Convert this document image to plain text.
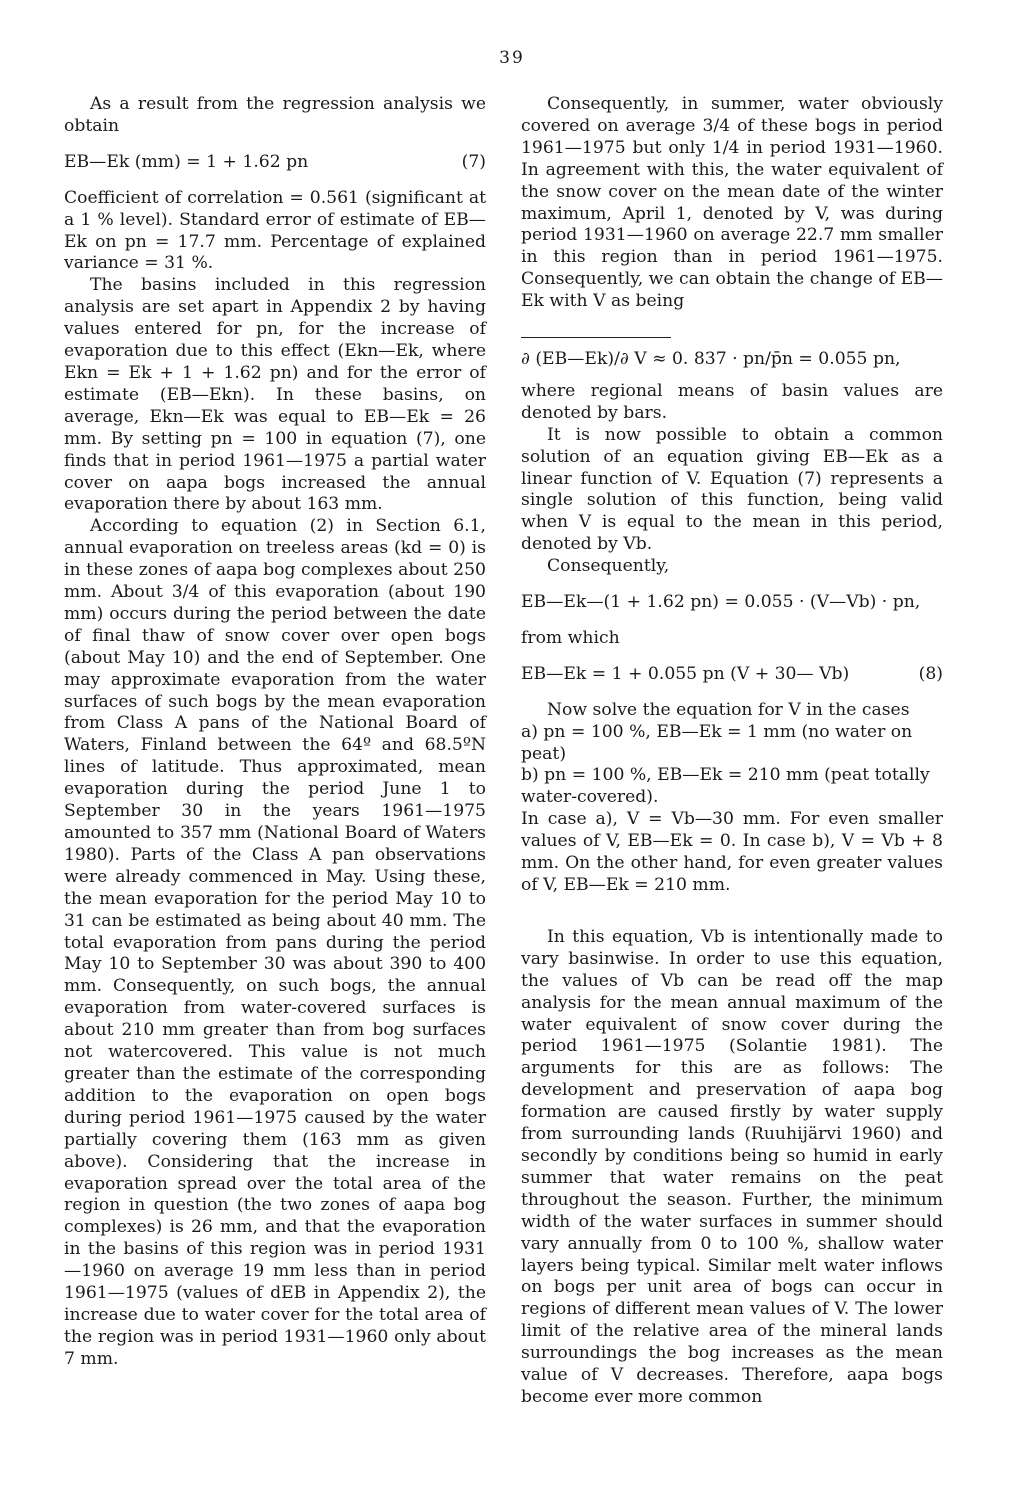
39

As a result from the regression analysis we obtain

EB—Ek (mm) = 1 + 1.62 pn	(7)

Coefficient of correlation = 0.561 (significant at a 1 % level). Standard error of estimate of EB—Ek on pn = 17.7 mm. Percentage of explained variance = 31 %.

The basins included in this regression analysis are set apart in Appendix 2 by having values entered for pn, for the increase of evaporation due to this effect (Ekn—Ek, where Ekn = Ek + 1 + 1.62 pn) and for the error of estimate (EB—Ekn). In these basins, on average, Ekn—Ek was equal to EB—Ek = 26 mm. By setting pn = 100 in equation (7), one finds that in period 1961—1975 a partial water cover on aapa bogs increased the annual evaporation there by about 163 mm.

According to equation (2) in Section 6.1, annual evaporation on treeless areas (kd = 0) is in these zones of aapa bog complexes about 250 mm. About 3/4 of this evaporation (about 190 mm) occurs during the period between the date of final thaw of snow cover over open bogs (about May 10) and the end of September. One may approximate evaporation from the water surfaces of such bogs by the mean evaporation from Class A pans of the National Board of Waters, Finland between the 64º and 68.5ºN lines of latitude. Thus approximated, mean evaporation during the period June 1 to September 30 in the years 1961—1975 amounted to 357 mm (National Board of Waters 1980). Parts of the Class A pan observations were already commenced in May. Using these, the mean evaporation for the period May 10 to 31 can be estimated as being about 40 mm. The total evaporation from pans during the period May 10 to September 30 was about 390 to 400 mm. Consequently, on such bogs, the annual evaporation from water-covered surfaces is about 210 mm greater than from bog surfaces not watercovered. This value is not much greater than the estimate of the corresponding addition to the evaporation on open bogs during period 1961—1975 caused by the water partially covering them (163 mm as given above). Considering that the increase in evaporation spread over the total area of the region in question (the two zones of aapa bog complexes) is 26 mm, and that the evaporation in the basins of this region was in period 1931—1960 on average 19 mm less than in period 1961—1975 (values of dEB in Appendix 2), the increase due to water cover for the total area of the region was in period 1931—1960 only about 7 mm.

Consequently, in summer, water obviously covered on average 3/4 of these bogs in period 1961—1975 but only 1/4 in period 1931—1960. In agreement with this, the water equivalent of the snow cover on the mean date of the winter maximum, April 1, denoted by V, was during period 1931—1960 on average 22.7 mm smaller in this region than in period 1961—1975. Consequently, we can obtain the change of EB—Ek with V as being

∂ (EB—Ek)/∂ V ≈ 0. 837 · pn/p̄n = 0.055 pn,

where regional means of basin values are denoted by bars.

It is now possible to obtain a common solution of an equation giving EB—Ek as a linear function of V. Equation (7) represents a single solution of this function, being valid when V is equal to the mean in this period, denoted by Vb.

Consequently,

EB—Ek—(1 + 1.62 pn) = 0.055 · (V—Vb) · pn,

from which

EB—Ek = 1 + 0.055 pn (V + 30— Vb)	(8)

Now solve the equation for V in the cases

a) pn = 100 %, EB—Ek = 1 mm (no water on peat)
b) pn = 100 %, EB—Ek = 210 mm (peat totally
water-covered).

In case a), V = Vb—30 mm. For even smaller values of V, EB—Ek = 0. In case b), V = Vb + 8 mm. On the other hand, for even greater values of V, EB—Ek = 210 mm.

In this equation, Vb is intentionally made to vary basinwise. In order to use this equation, the values of Vb can be read off the map analysis for the mean annual maximum of the water equivalent of snow cover during the period 1961—1975 (Solantie 1981). The arguments for this are as follows: The development and preservation of aapa bog formation are caused firstly by water supply from surrounding lands (Ruuhijärvi 1960) and secondly by conditions being so humid in early summer that water remains on the peat throughout the season. Further, the minimum width of the water surfaces in summer should vary annually from 0 to 100 %, shallow water layers being typical. Similar melt water inflows on bogs per unit area of bogs can occur in regions of different mean values of V. The lower limit of the relative area of the mineral lands surroundings the bog increases as the mean value of V decreases. Therefore, aapa bogs become ever more common
